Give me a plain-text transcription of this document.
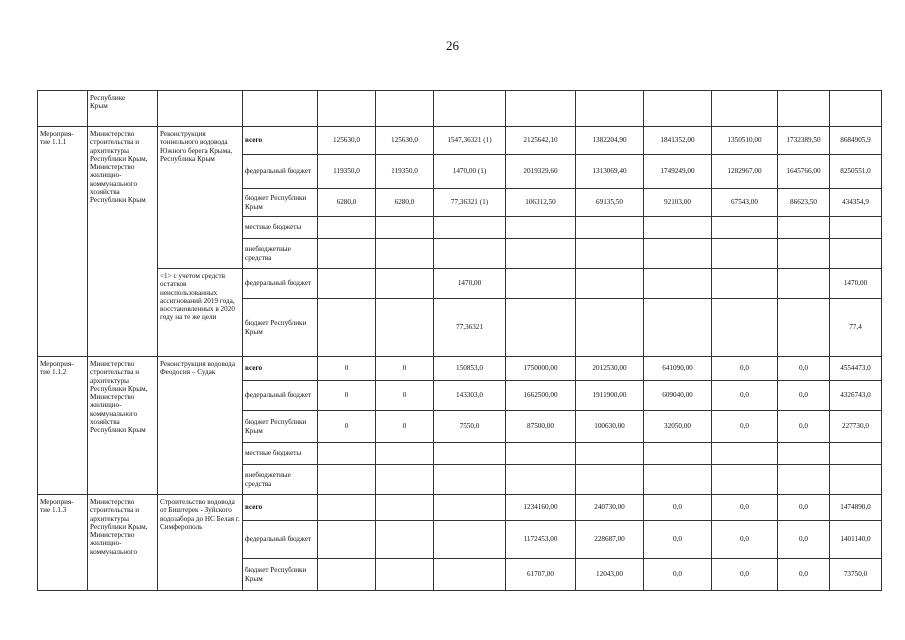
26
	Республике
Крым											
Мероприя-
тие 1.1.1	Министерство строительства и архитектуры Республики Крым, Министерство жилищно-коммунального хозяйства Республики Крым	Реконструкция тоннельного водовода Южного берега Крыма, Республика Крым	всего	125630,0	125630,0	1547,36321 (1)	2125642,10	1382204,90	1841352,00	1350510,00	1732389,50	8684905,9
			федеральный бюджет	119350,0	119350,0	1470,00 (1)	2019329,60	1313069,40	1749249,00	1282967,00	1645766,00	8250551,0
			бюджет Республики Крым	6280,0	6280,0	77,36321 (1)	106312,50	69135,50	92103,00	67543,00	86623,50	434354,9
			местные бюджеты									
			внебюджетные средства									
		<1> с учетом средств остатков неиспользованных ассигнований 2019 года, восстановленных в 2020 году на те же цели	федеральный бюджет			1470,00						1470,00
			бюджет Республики Крым			77,36321						77,4
Мероприя-
тие 1.1.2	Министерство строительства и архитектуры Республики Крым, Министерство жилищно-коммунального хозяйства Республики Крым	Реконструкция водовода Феодосия – Судак	всего	0	0	150853,0	1750000,00	2012530,00	641090,00	0,0	0,0	4554473,0
			федеральный бюджет	0	0	143303,0	1662500,00	1911900,00	609040,00	0,0	0,0	4326743,0
			бюджет Республики Крым	0	0	7550,0	87500,00	100630,00	32050,00	0,0	0,0	227730,0
			местные бюджеты									
			внебюджетные средства									
Мероприя-
тие 1.1.3	Министерство строительства и архитектуры Республики Крым, Министерство жилищно-коммунального	Строительство водовода от Биштерек - Зуйского водозабора до НС Белая г. Симферополь	всего				1234160,00	240730,00	0,0	0,0	0,0	1474890,0
			федеральный бюджет				1172453,00	228687,00	0,0	0,0	0,0	1401140,0
			бюджет Республики Крым				61707,00	12043,00	0,0	0,0	0,0	73750,0
